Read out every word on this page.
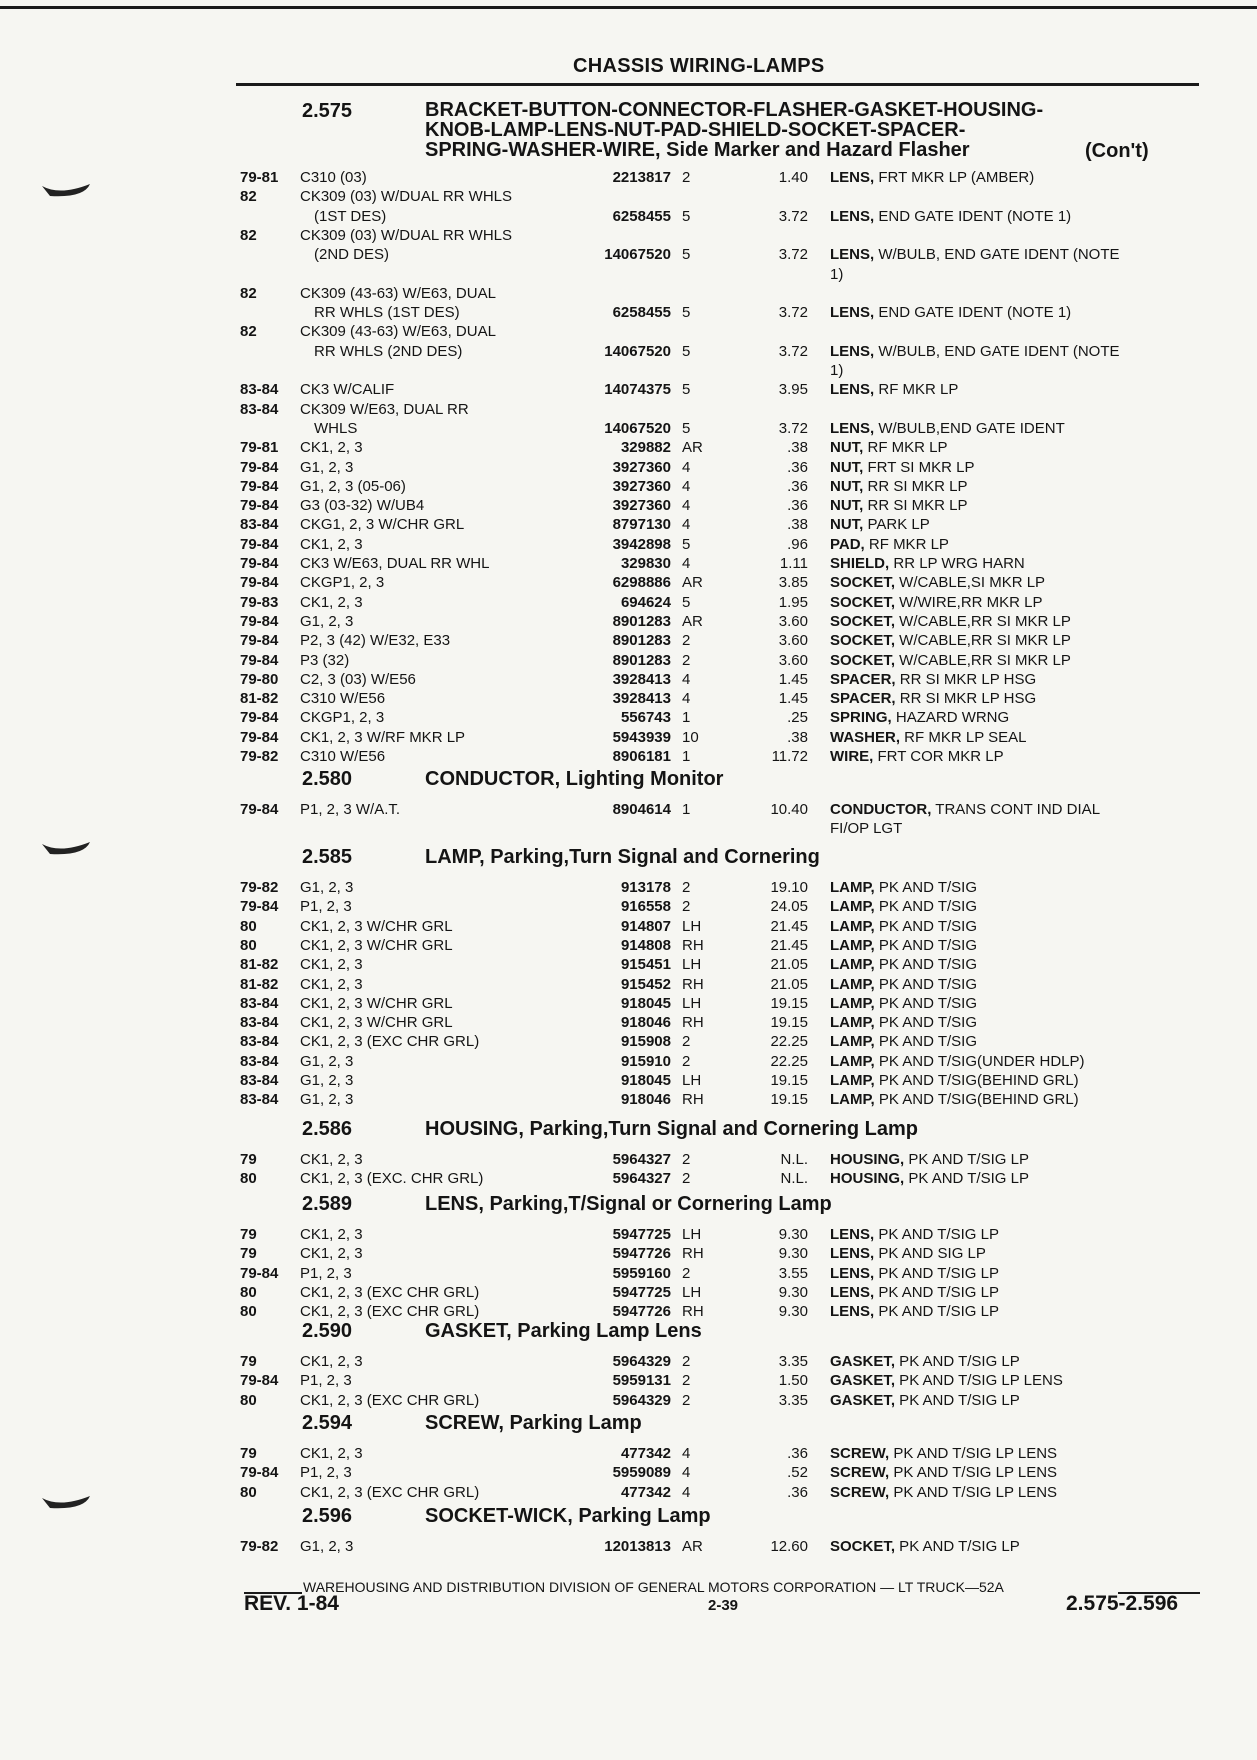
CHASSIS WIRING-LAMPS
2.575	BRACKET-BUTTON-CONNECTOR-FLASHER-GASKET-HOUSING-
KNOB-LAMP-LENS-NUT-PAD-SHIELD-SOCKET-SPACER-
SPRING-WASHER-WIRE, Side Marker and Hazard Flasher	(Con't)
79-81 C310 (03)	2213817 2	1.40 LENS, FRT MKR LP (AMBER)
82	CK309 (03) W/DUAL RR WHLS
(1ST DES)	6258455 5	3.72 LENS, END GATE IDENT (NOTE 1)
82	CK309 (03) W/DUAL RR WHLS
(2ND DES)	14067520 5	3.72 LENS, W/BULB, END GATE IDENT (NOTE
1)
82	CK309 (43-63) W/E63, DUAL
RR WHLS (1ST DES)	6258455 5	3.72 LENS, END GATE IDENT (NOTE 1)
82	CK309 (43-63) W/E63, DUAL
RR WHLS (2ND DES)	14067520 5	3.72 LENS, W/BULB, END GATE IDENT (NOTE
1)
83-84 CK3 W/CALIF	14074375 5	3.95 LENS, RF MKR LP
83-84 CK309 W/E63, DUAL RR
WHLS	14067520 5	3.72 LENS, W/BULB,END GATE IDENT
79-81 CK1, 2, 3	329882 AR	.38 NUT, RF MKR LP
79-84 G1, 2, 3	3927360 4	.36 NUT, FRT SI MKR LP
79-84 G1, 2, 3 (05-06)	3927360 4	.36 NUT, RR SI MKR LP
79-84 G3 (03-32) W/UB4	3927360 4	.36 NUT, RR SI MKR LP
83-84 CKG1, 2, 3 W/CHR GRL	8797130 4	.38 NUT, PARK LP
79-84 CK1, 2, 3	3942898 5	.96 PAD, RF MKR LP
79-84 CK3 W/E63, DUAL RR WHL	329830 4	1.11 SHIELD, RR LP WRG HARN
79-84 CKGP1, 2, 3	6298886 AR	3.85 SOCKET, W/CABLE,SI MKR LP
79-83 CK1, 2, 3	694624 5	1.95 SOCKET, W/WIRE,RR MKR LP
79-84 G1, 2, 3	8901283 AR	3.60 SOCKET, W/CABLE,RR SI MKR LP
79-84 P2, 3 (42) W/E32, E33	8901283 2	3.60 SOCKET, W/CABLE,RR SI MKR LP
79-84 P3 (32)	8901283 2	3.60 SOCKET, W/CABLE,RR SI MKR LP
79-80 C2, 3 (03) W/E56	3928413 4	1.45 SPACER, RR SI MKR LP HSG
81-82 C310 W/E56	3928413 4	1.45 SPACER, RR SI MKR LP HSG
79-84 CKGP1, 2, 3	556743 1	.25 SPRING, HAZARD WRNG
79-84 CK1, 2, 3 W/RF MKR LP	5943939 10	.38 WASHER, RF MKR LP SEAL
79-82 C310 W/E56	8906181 1	11.72 WIRE, FRT COR MKR LP
2.580	CONDUCTOR, Lighting Monitor
79-84 P1, 2, 3 W/A.T.	8904614 1	10.40 CONDUCTOR, TRANS CONT IND DIAL
FI/OP LGT
2.585	LAMP, Parking,Turn Signal and Cornering
79-82 G1, 2, 3	913178 2	19.10 LAMP, PK AND T/SIG
79-84 P1, 2, 3	916558 2	24.05 LAMP, PK AND T/SIG
80	CK1, 2, 3 W/CHR GRL	914807 LH	21.45 LAMP, PK AND T/SIG
80	CK1, 2, 3 W/CHR GRL	914808 RH	21.45 LAMP, PK AND T/SIG
81-82 CK1, 2, 3	915451 LH	21.05 LAMP, PK AND T/SIG
81-82 CK1, 2, 3	915452 RH	21.05 LAMP, PK AND T/SIG
83-84 CK1, 2, 3 W/CHR GRL	918045 LH	19.15 LAMP, PK AND T/SIG
83-84 CK1, 2, 3 W/CHR GRL	918046 RH	19.15 LAMP, PK AND T/SIG
83-84 CK1, 2, 3 (EXC CHR GRL)	915908 2	22.25 LAMP, PK AND T/SIG
83-84 G1, 2, 3	915910 2	22.25 LAMP, PK AND T/SIG(UNDER HDLP)
83-84 G1, 2, 3	918045 LH	19.15 LAMP, PK AND T/SIG(BEHIND GRL)
83-84 G1, 2, 3	918046 RH	19.15 LAMP, PK AND T/SIG(BEHIND GRL)
2.586	HOUSING, Parking,Turn Signal and Cornering Lamp
79	CK1, 2, 3	5964327 2	N.L. HOUSING, PK AND T/SIG LP
80	CK1, 2, 3 (EXC. CHR GRL)	5964327 2	N.L. HOUSING, PK AND T/SIG LP
2.589	LENS, Parking,T/Signal or Cornering Lamp
79	CK1, 2, 3	5947725 LH	9.30 LENS, PK AND T/SIG LP
79	CK1, 2, 3	5947726 RH	9.30 LENS, PK AND SIG LP
79-84 P1, 2, 3	5959160 2	3.55 LENS, PK AND T/SIG LP
80	CK1, 2, 3 (EXC CHR GRL)	5947725 LH	9.30 LENS, PK AND T/SIG LP
80	CK1, 2, 3 (EXC CHR GRL)	5947726 RH	9.30 LENS, PK AND T/SIG LP
2.590	GASKET, Parking Lamp Lens
79	CK1, 2, 3	5964329 2	3.35 GASKET, PK AND T/SIG LP
79-84 P1, 2, 3	5959131 2	1.50 GASKET, PK AND T/SIG LP LENS
80	CK1, 2, 3 (EXC CHR GRL)	5964329 2	3.35 GASKET, PK AND T/SIG LP
2.594	SCREW, Parking Lamp
79	CK1, 2, 3	477342 4	.36 SCREW, PK AND T/SIG LP LENS
79-84 P1, 2, 3	5959089 4	.52 SCREW, PK AND T/SIG LP LENS
80	CK1, 2, 3 (EXC CHR GRL)	477342 4	.36 SCREW, PK AND T/SIG LP LENS
2.596	SOCKET-WICK, Parking Lamp
79-82 G1, 2, 3	12013813 AR	12.60 SOCKET, PK AND T/SIG LP
WAREHOUSING AND DISTRIBUTION DIVISION OF GENERAL MOTORS CORPORATION — LT TRUCK—52A
REV. 1-84	2-39	2.575-2.596
